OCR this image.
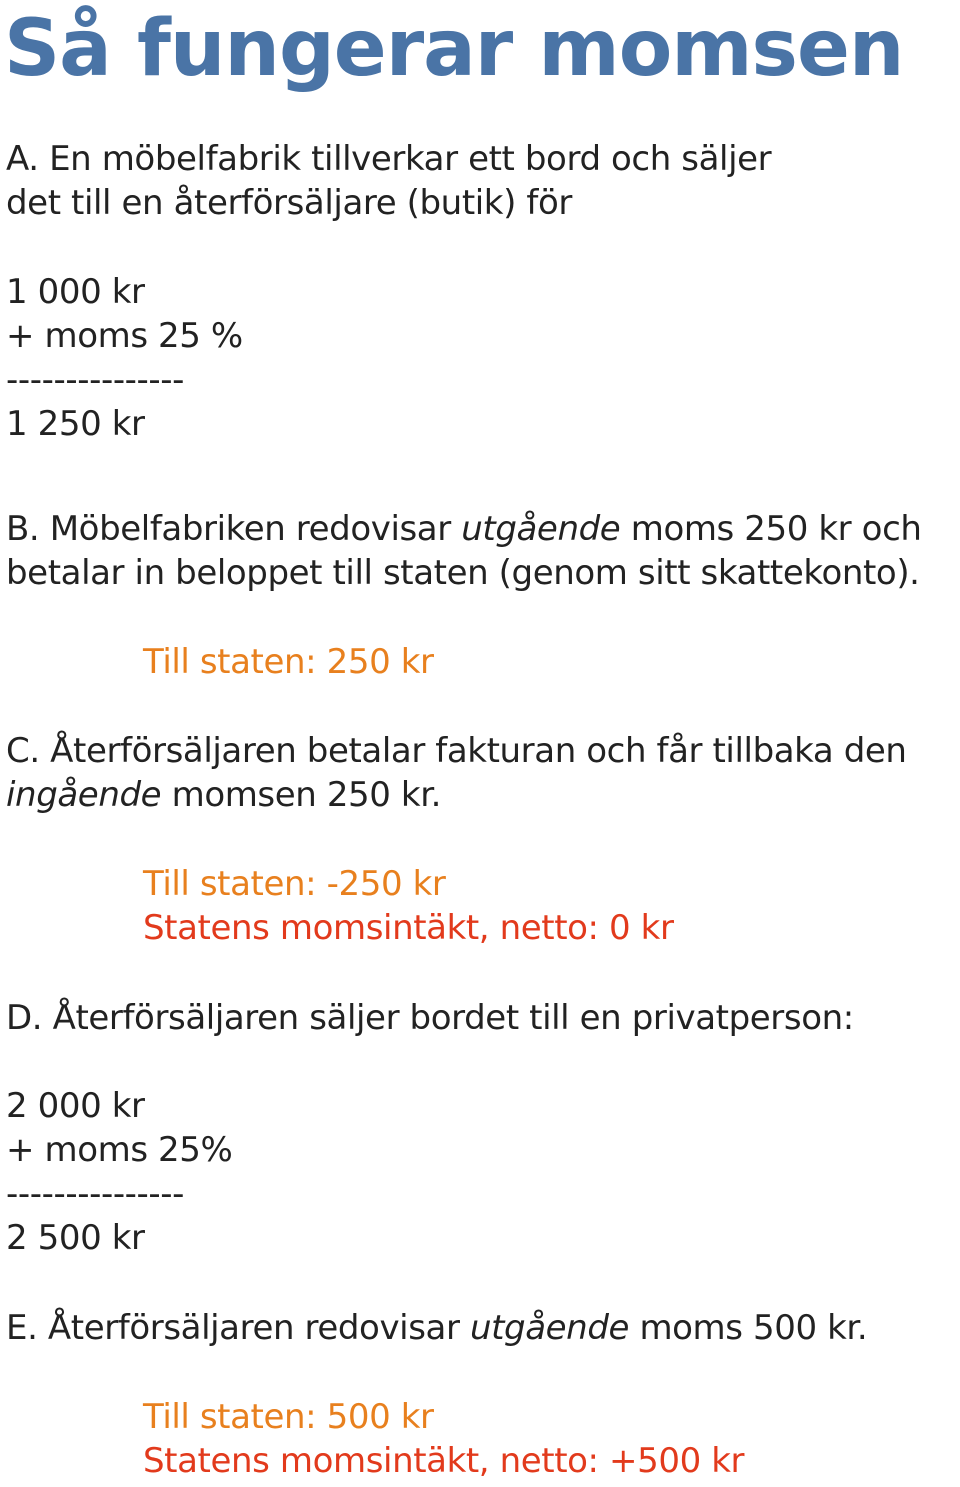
Så fungerar momsen
A. En möbelfabrik tillverkar ett bord och säljer
det till en återförsäljare (butik) för
1 000 kr
+ moms 25 %
---------------
1 250 kr
B. Möbelfabriken redovisar utgående moms 250 kr och
betalar in beloppet till staten (genom sitt skattekonto).
Till staten: 250 kr
C. Återförsäljaren betalar fakturan och får tillbaka den
ingående momsen 250 kr.
Till staten: -250 kr
Statens momsintäkt, netto: 0 kr
D. Återförsäljaren säljer bordet till en privatperson:
2 000 kr
+ moms 25%
---------------
2 500 kr
E. Återförsäljaren redovisar utgående moms 500 kr.
Till staten: 500 kr
Statens momsintäkt, netto: +500 kr
